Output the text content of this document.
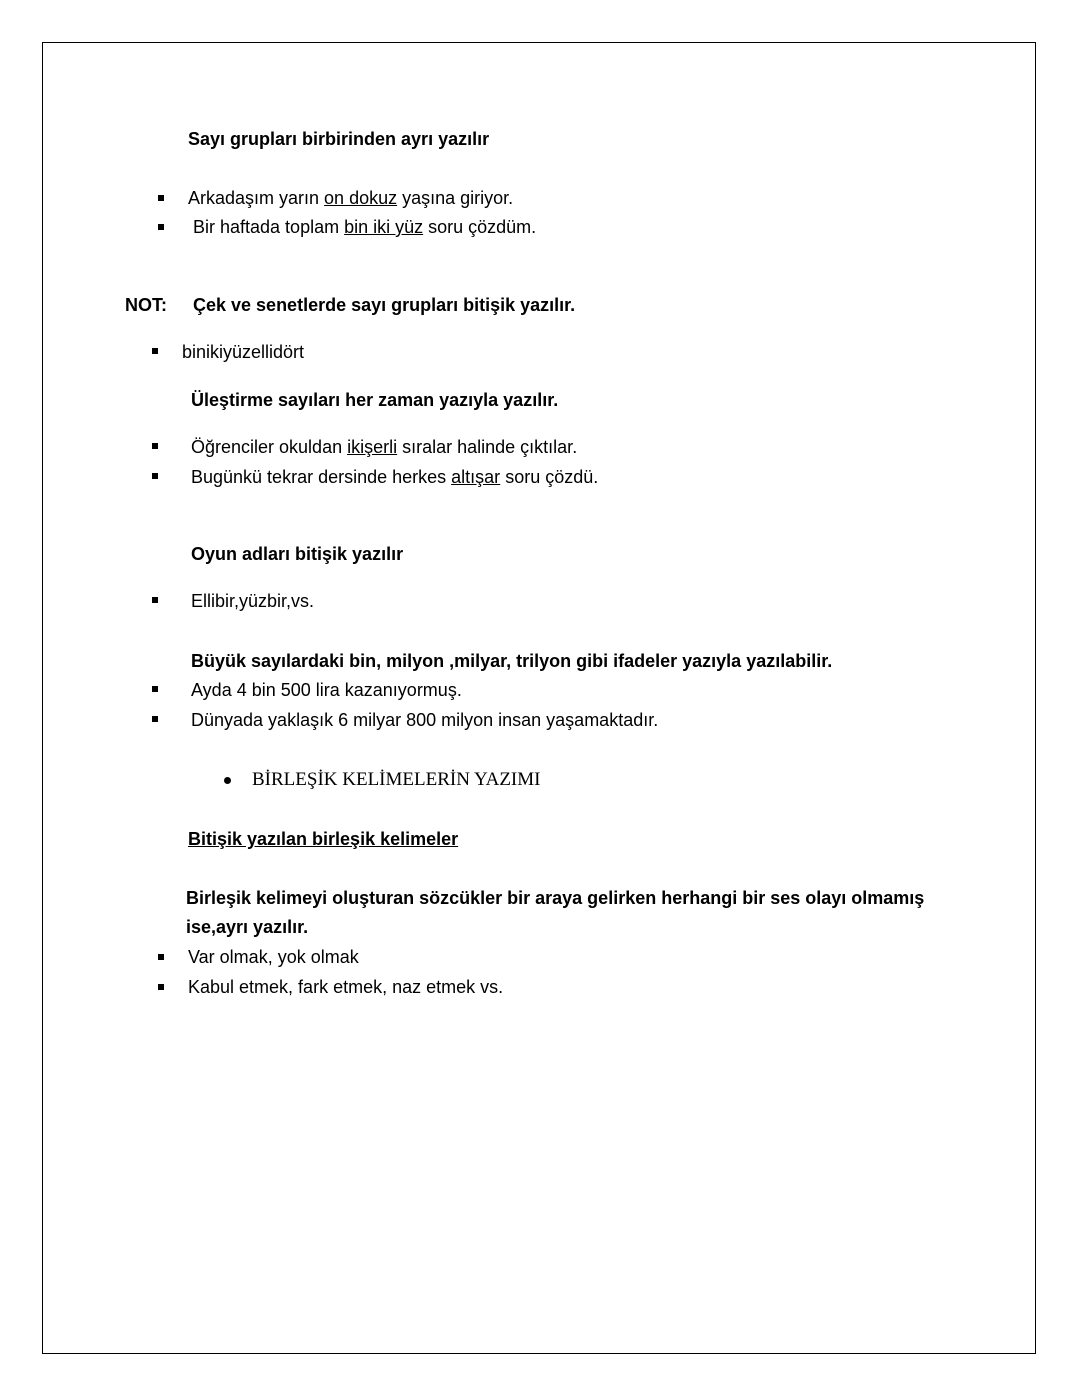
Sayı grupları birbirinden ayrı yazılır
Arkadaşım yarın on dokuz yaşına giriyor.
Bir haftada toplam bin iki yüz soru çözdüm.
NOT: Çek ve senetlerde sayı grupları bitişik yazılır.
binikiyüzellidört
Üleştirme sayıları her zaman yazıyla yazılır.
Öğrenciler okuldan ikişerli sıralar halinde çıktılar.
Bugünkü tekrar dersinde herkes altışar soru çözdü.
Oyun adları bitişik yazılır
Ellibir,yüzbir,vs.
Büyük sayılardaki bin, milyon ,milyar, trilyon gibi ifadeler yazıyla yazılabilir.
Ayda 4 bin 500 lira kazanıyormuş.
Dünyada yaklaşık 6 milyar 800 milyon insan yaşamaktadır.
BİRLEŞİK KELİMELERİN YAZIMI
Bitişik yazılan birleşik kelimeler
Birleşik kelimeyi oluşturan sözcükler bir araya gelirken herhangi bir ses olayı olmamış
ise,ayrı yazılır.
Var olmak, yok olmak
Kabul etmek, fark etmek, naz etmek vs.
